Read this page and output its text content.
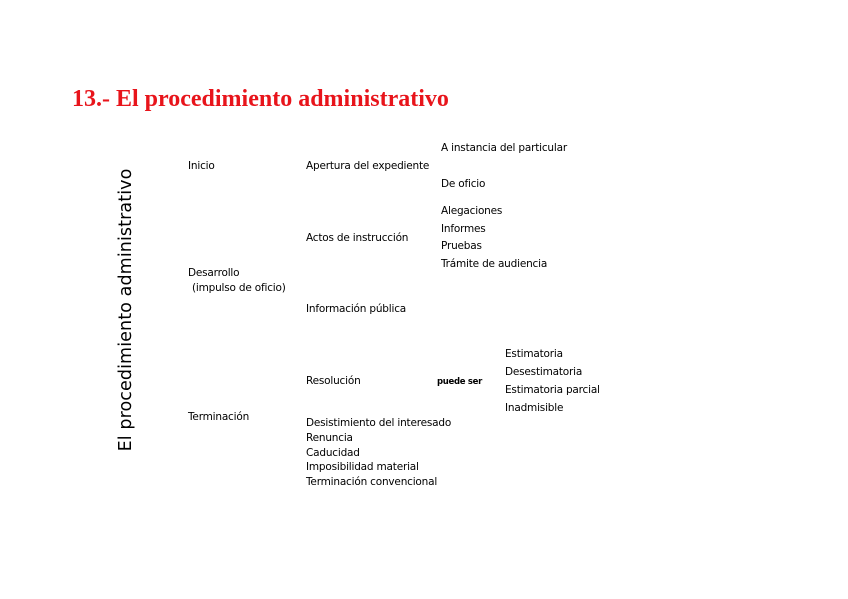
13.- El procedimiento administrativo
El procedimiento administrativo
Inicio
Desarrollo
(impulso de oficio)
Terminación
Apertura del expediente
Actos de instrucción
Información pública
Resolución
Desistimiento del interesado
Renuncia
Caducidad
Imposibilidad material
Terminación convencional
A instancia del particular
De oficio
Alegaciones
Informes
Pruebas
Trámite de audiencia
puede ser
Estimatoria
Desestimatoria
Estimatoria parcial
Inadmisible
